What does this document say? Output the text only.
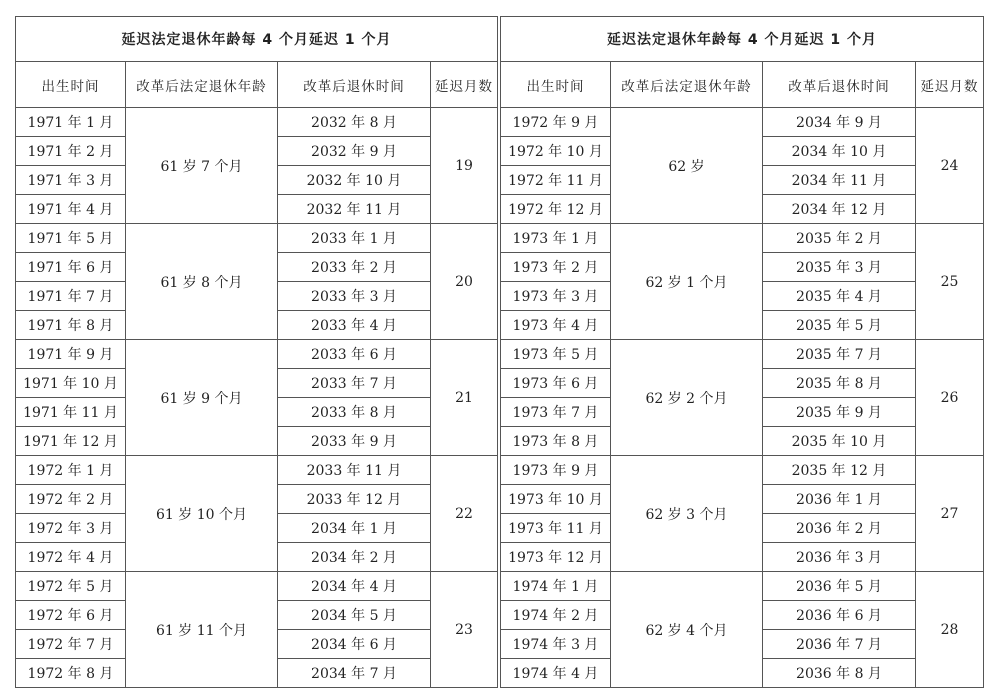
延迟法定退休年龄每 4 个月延迟 1 个月			
出生时间	改革后法定退休年龄	改革后退休时间	延迟月数
1971 年 1 月	61 岁 7 个月	2032 年 8 月	19
1971 年 2 月		2032 年 9 月	
1971 年 3 月		2032 年 10 月	
1971 年 4 月		2032 年 11 月	
1971 年 5 月	61 岁 8 个月	2033 年 1 月	20
1971 年 6 月		2033 年 2 月	
1971 年 7 月		2033 年 3 月	
1971 年 8 月		2033 年 4 月	
1971 年 9 月	61 岁 9 个月	2033 年 6 月	21
1971 年 10 月		2033 年 7 月	
1971 年 11 月		2033 年 8 月	
1971 年 12 月		2033 年 9 月	
1972 年 1 月	61 岁 10 个月	2033 年 11 月	22
1972 年 2 月		2033 年 12 月	
1972 年 3 月		2034 年 1 月	
1972 年 4 月		2034 年 2 月	
1972 年 5 月	61 岁 11 个月	2034 年 4 月	23
1972 年 6 月		2034 年 5 月	
1972 年 7 月		2034 年 6 月	
1972 年 8 月		2034 年 7 月	
延迟法定退休年龄每 4 个月延迟 1 个月			
出生时间	改革后法定退休年龄	改革后退休时间	延迟月数
1972 年 9 月	62 岁	2034 年 9 月	24
1972 年 10 月		2034 年 10 月	
1972 年 11 月		2034 年 11 月	
1972 年 12 月		2034 年 12 月	
1973 年 1 月	62 岁 1 个月	2035 年 2 月	25
1973 年 2 月		2035 年 3 月	
1973 年 3 月		2035 年 4 月	
1973 年 4 月		2035 年 5 月	
1973 年 5 月	62 岁 2 个月	2035 年 7 月	26
1973 年 6 月		2035 年 8 月	
1973 年 7 月		2035 年 9 月	
1973 年 8 月		2035 年 10 月	
1973 年 9 月	62 岁 3 个月	2035 年 12 月	27
1973 年 10 月		2036 年 1 月	
1973 年 11 月		2036 年 2 月	
1973 年 12 月		2036 年 3 月	
1974 年 1 月	62 岁 4 个月	2036 年 5 月	28
1974 年 2 月		2036 年 6 月	
1974 年 3 月		2036 年 7 月	
1974 年 4 月		2036 年 8 月	
